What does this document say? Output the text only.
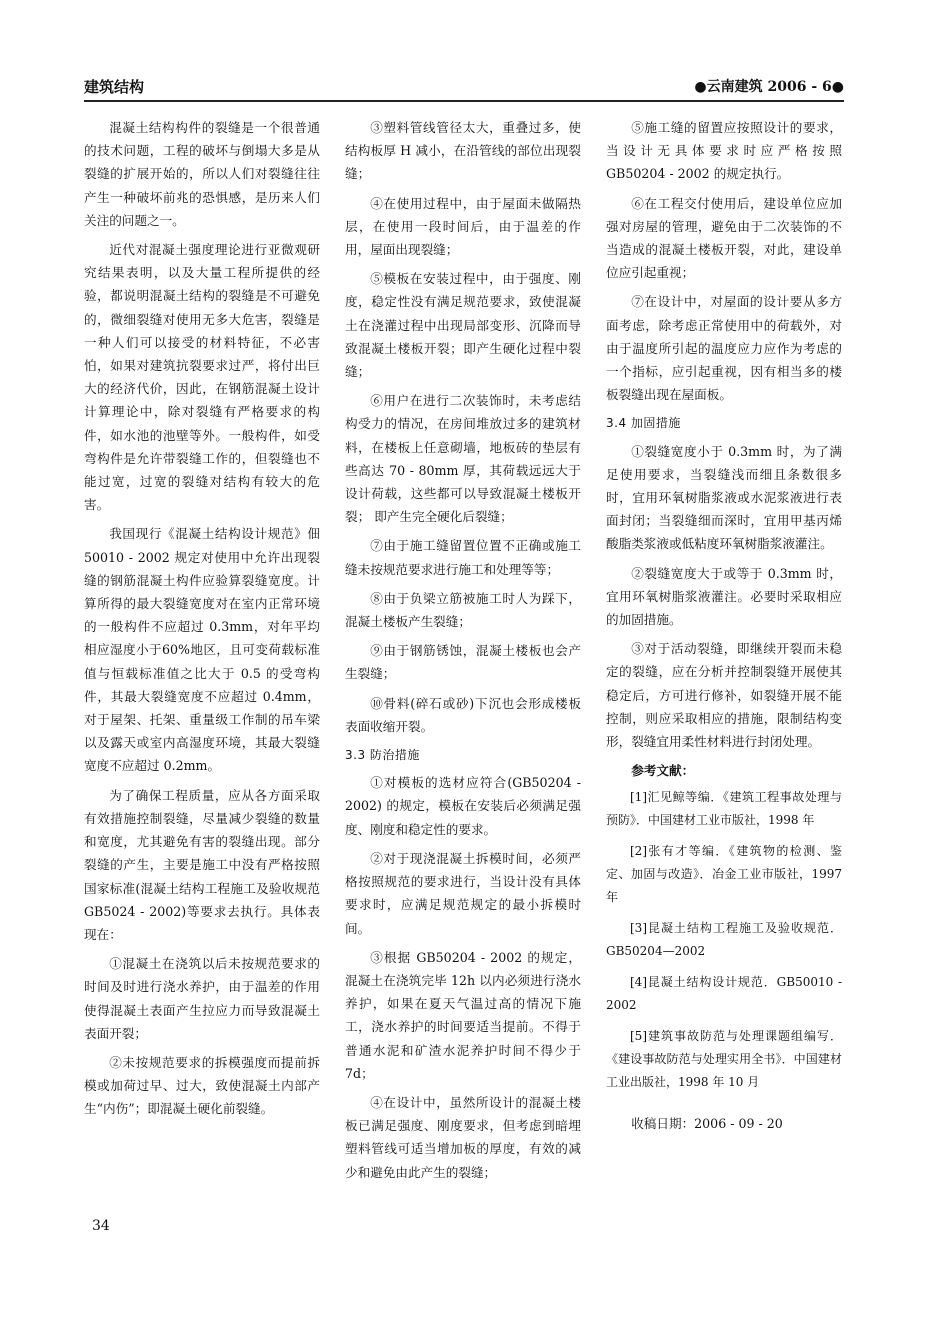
建筑结构	●云南建筑 2006 - 6●

混凝土结构构件的裂缝是一个很普通的技术问题，工程的破坏与倒塌大多是从裂缝的扩展开始的，所以人们对裂缝往往产生一种破坏前兆的恐惧感，是历来人们关注的问题之一。

近代对混凝土强度理论进行亚微观研究结果表明，以及大量工程所提供的经验，都说明混凝土结构的裂缝是不可避免的，微细裂缝对使用无多大危害，裂缝是一种人们可以接受的材料特征，不必害怕，如果对建筑抗裂要求过严，将付出巨大的经济代价，因此，在钢筋混凝土设计计算理论中，除对裂缝有严格要求的构件，如水池的池壁等外。一般构件，如受弯构件是允许带裂缝工作的，但裂缝也不能过宽，过宽的裂缝对结构有较大的危害。

我国现行《混凝土结构设计规范》佃 50010 - 2002 规定对使用中允许出现裂缝的钢筋混凝土构件应验算裂缝宽度。计算所得的最大裂缝宽度对在室内正常环境的一般构件不应超过 0.3mm，对年平均相应湿度小于60%地区，且可变荷载标准值与恒载标准值之比大于 0.5 的受弯构件，其最大裂缝宽度不应超过 0.4mm，对于屋架、托架、重量级工作制的吊车梁以及露天或室内高湿度环境，其最大裂缝宽度不应超过 0.2mm。

为了确保工程质量，应从各方面采取有效措施控制裂缝，尽量减少裂缝的数量和宽度，尤其避免有害的裂缝出现。部分裂缝的产生，主要是施工中没有严格按照国家标准(混凝土结构工程施工及验收规范 GB5024 - 2002)等要求去执行。具体表现在：

①混凝土在浇筑以后未按规范要求的时间及时进行浇水养护，由于温差的作用使得混凝土表面产生拉应力而导致混凝土表面开裂；

②未按规范要求的拆模强度而提前拆模或加荷过早、过大，致使混凝土内部产生“内伤”；即混凝土硬化前裂缝。

③塑料管线管径太大，重叠过多，使结构板厚 H 减小，在沿管线的部位出现裂缝；

④在使用过程中，由于屋面未做隔热层，在使用一段时间后，由于温差的作用，屋面出现裂缝；

⑤模板在安装过程中，由于强度、刚度，稳定性没有满足规范要求，致使混凝土在浇灌过程中出现局部变形、沉降而导致混凝土楼板开裂；即产生硬化过程中裂缝；

⑥用户在进行二次装饰时，未考虑结构受力的情况，在房间堆放过多的建筑材料，在楼板上任意砌墙，地板砖的垫层有些高达 70 - 80mm 厚，其荷载远远大于设计荷载，这些都可以导致混凝土楼板开裂； 即产生完全硬化后裂缝；

⑦由于施工缝留置位置不正确或施工缝未按规范要求进行施工和处理等等；

⑧由于负梁立筋被施工时人为踩下，混凝土楼板产生裂缝；

⑨由于钢筋锈蚀，混凝土楼板也会产生裂缝；

⑩骨料(碎石或砂)下沉也会形成楼板表面收缩开裂。

3.3 防治措施

①对模板的选材应符合(GB50204 - 2002) 的规定，模板在安装后必须满足强度、刚度和稳定性的要求。

②对于现浇混凝土拆模时间，必须严格按照规范的要求进行，当设计没有具体要求时，应满足规范规定的最小拆模时间。

③根据 GB50204 - 2002 的规定，混凝土在浇筑完毕 12h 以内必须进行浇水养护，如果在夏天气温过高的情况下施工，浇水养护的时间要适当提前。不得于普通水泥和矿渣水泥养护时间不得少于 7d；

④在设计中，虽然所设计的混凝土楼板已满足强度、刚度要求，但考虑到暗埋塑料管线可适当增加板的厚度，有效的减少和避免由此产生的裂缝；

⑤施工缝的留置应按照设计的要求，当设计无具体要求时应严格按照 GB50204 - 2002 的规定执行。

⑥在工程交付使用后，建设单位应加强对房屋的管理，避免由于二次装饰的不当造成的混凝土楼板开裂，对此，建设单位应引起重视；

⑦在设计中，对屋面的设计要从多方面考虑，除考虑正常使用中的荷载外，对由于温度所引起的温度应力应作为考虑的一个指标，应引起重视，因有相当多的楼板裂缝出现在屋面板。

3.4 加固措施

①裂缝宽度小于 0.3mm 时，为了满足使用要求，当裂缝浅而细且条数很多时，宜用环氧树脂浆液或水泥浆液进行表面封闭；当裂缝细而深时，宜用甲基丙烯酸脂类浆液或低粘度环氧树脂浆液灌注。

②裂缝宽度大于或等于 0.3mm 时，宜用环氧树脂浆液灌注。必要时采取相应的加固措施。

③对于活动裂缝，即继续开裂而未稳定的裂缝，应在分析并控制裂缝开展使其稳定后，方可进行修补，如裂缝开展不能控制，则应采取相应的措施，限制结构变形，裂缝宜用柔性材料进行封闭处理。

参考文献：

[1]汇见鲸等编．《建筑工程事故处理与预防》．中国建材工业市版社，1998 年

[2]张有才等编．《建筑物的检测、鉴定、加固与改造》．冶金工业市版社，1997 年

[3]昆凝土结构工程施工及验收规范．GB50204—2002

[4]昆凝土结构设计规范．GB50010 - 2002

[5]建筑事故防范与处理课题组编写．《建设事故防范与处理实用全书》．中国建材工业出版社，1998 年 10 月

收稿日期：2006 - 09 - 20

34
